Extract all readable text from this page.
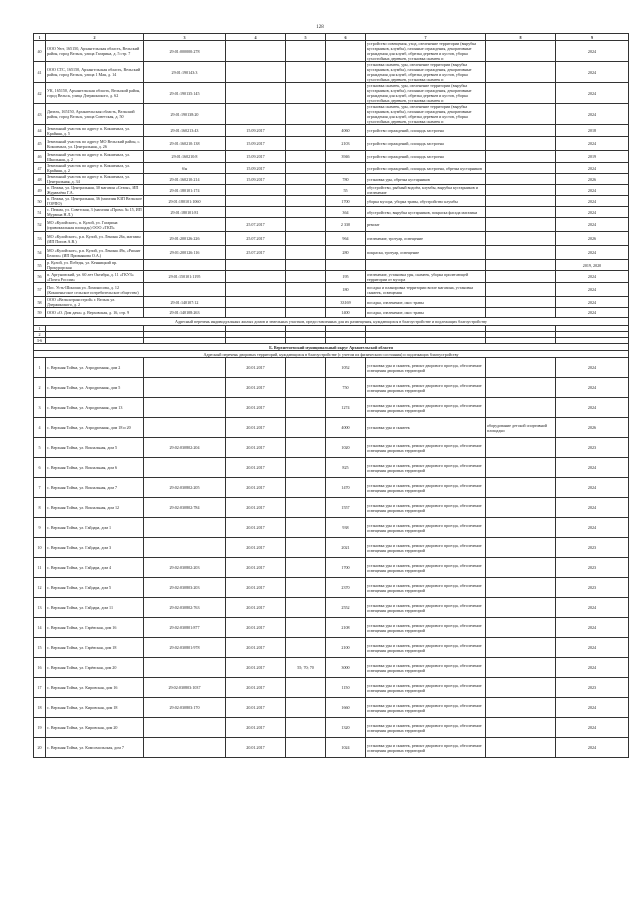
128
1	2	3	4	5	6	7	8	9
40	ООО Уют, 165150, Архангельская область, Вельский район, город Вельск, улица Гагарина, д. 5 стр. 7	29:01:000000:278				устройство освещения, уход, озеленение территории (вырубка кустарников, клумбы), газонные ограждения, декоративные ограждения для клумб, обрезка деревьев и кустов, уборка сухостойных деревьев, установка скамеек и		2024
41	ООО СТС, 165150, Архангельская область, Вельский район, город Вельск, улица 1 Мая, д. 14	29:01:190143:3				установка скамеек, урн, озеленение территории (вырубка кустарников, клумбы), газонные ограждения, декоративные ограждения для клумб, обрезка деревьев и кустов, уборка сухостойных деревьев, установка скамеек и		2024
42	УК, 165150, Архангельская область, Вельский район, город Вельск, улица Дзержинского, д. 62	29:01:190135:145				установка скамеек, урн, озеленение территории (вырубка кустарников, клумбы), газонные ограждения, декоративные ограждения для клумб, обрезка деревьев и кустов, уборка сухостойных деревьев, установка скамеек и		2024
43	Дизель, 165150, Архангельская область, Вельский район, город Вельск, улица Советская, д. 50	29:01:190138:20				установка скамеек, урн, озеленение территории (вырубка кустарников, клумбы), газонные ограждения, декоративные ограждения для клумб, обрезка деревьев и кустов, уборка сухостойных деревьев, установка скамеек и		2024
44	Земельный участок по адресу п. Кокшеньга, ул. Крайняя, д. 5	29:01:160213:43	15.09.2017		4060	устройство ограждений, площадь застроена		2018
45	Земельный участок по адресу МО Вельский район, с. Кокшеньга, ул. Центральная, д. 26	29:01:160210:138	15.09.2017		2103	устройство ограждений, площадь застроена		2024
46	Земельный участок по адресу п. Кокшеньга, ул. Школьная, д. 2	29:01:160210:8	15.09.2017		3946	устройство ограждений, площадь застроена		2019
47	Земельный участок по адресу п. Кокшеньга, ул. Крайняя, д. 2	б/н	15.09.2017			устройство ограждений, площадь застроена, обрезка кустарников		2024
48	Земельный участок по адресу п. Кокшеньга, ул. Центральная, д. 34	29:01:160210:214	15.09.2017		780	установка урн, обрезка кустарников		2026
49	п. Пежма, ул. Центральная, 30 магазин «Сезон», ИП Журавлёва Г.А.	29:01:180101:174			55	обустройство, рыбный водоём, клумбы, вырубка кустарников и озеленение		2024
50	п. Пежма, ул. Центральная, 36 (магазин КЗП Вельское ГОРПО)	29:01:180101:1060			1700	уборка мусора, уборка травы, обустройство клумбы		2024
51	с. Пежма, ул. Советская, 3 (магазин «Пром» № 15, ИП Мурзина Н.Л.)	29:01:180101:81			364	обустройство, вырубка кустарников, покраска фасада магазина		2024
52	МО «Кулойское», п. Кулой, ул. Гагарина (привокзальная площадь) ООО «ТКП»		25.07.2017		2 330	ремонт		2024
53	МО «Кулойское», р.п. Кулой, ул. Ленина 26а, магазин (ИП Попов А.В.)	29:01:200126:226	25.07.2017		964	озеленение, тротуар, освещение		2026
54	МО «Кулойское», р.п. Кулой, ул. Ленина 49а, «Ряснят Белизо» (ИП Признякова О.А.)	29:01:200126:116	25.07.2017		280	покраска, тротуар, освещение		2024
55	р. Кулой, ул. Победы, ул. Кенницкий пр. Прокурорская							2019, 2020
56	п. Аргуновский, ул. 60 лет Октября, д. 11 «ГКУЗ» «Почта России»	29:01:150101:1195			195	озеленение, установка урн, скамеек, уборка прилегающей территории от мусора		2024
57	Пос. Усть-Шоноша ул. Ломоносова, д. 12 (Кокшеньгское сельское потребительское общество)				180	посадка и планировка территории возле магазина, установка скамеек, освещения		2024
58	ООО «Вельсктранс​строй» г. Вельск ул. Дзержинского, д. 2	29:01:140107:12			33169	посадка, озеленение, окос травы		2024
59	ООО «О. Дом дача» д. Верховская, д. 16, стр. 9	29:01:140108:263			1400	посадка, озеленение, окос травы		2024
Адресный перечень индивидуальных жилых домов и земельных участков, предоставленных для их размещения, нуждающихся в благоустройстве и подлежащих благоустройству								
1								
2								
3-6								
Б. Верхнетоемский муниципальный округ Архангельской области								
Адресный перечень дворовых территорий, нуждающихся в благоустройстве (с учетом их физического состояния) и подлежащих благоустройству								
1	с. Верхняя Тойма, ул. Аэродромная, дом 2		20.01.2017		1052	установка урн и скамеек, ремонт дворового проезда, обеспечение освещения дворовых территорий		2024
2	с. Верхняя Тойма, ул. Аэродромная, дом 5		20.01.2017		750	установка урн и скамеек, ремонт дворового проезда, обеспечение освещения дворовых территорий		2024
3	с. Верхняя Тойма, ул. Аэродромная, дом 13		20.01.2017		1274	установка урн и скамеек, ремонт дворового проезда, обеспечение освещения дворовых территорий		2024
4	с. Верхняя Тойма, ул. Аэродромная, дом 18 и 20		20.01.2017		4000	установка урн и скамеек	оборудование детской спортивной площадки	2026
5	с. Верхняя Тойма, ул. Вокзальная, дом 5	29:02:030802:204	20.01.2017		1020	установка урн и скамеек, ремонт дворового проезда, обеспечение освещения дворовых территорий		2023
6	с. Верхняя Тойма, ул. Вокзальная, дом 6		20.01.2017		825	установка урн и скамеек, ремонт дворового проезда, обеспечение освещения дворовых территорий		2024
7	с. Верхняя Тойма, ул. Вокзальная, дом 7	29:02:030802:205	20.01.2017		1470	установка урн и скамеек, ремонт дворового проезда, обеспечение освещения дворовых территорий		2024
8	с. Верхняя Тойма, ул. Вокзальная, дом 12	29:02:030802:784	20.01.2017		1557	установка урн и скамеек, ремонт дворового проезда, обеспечение освещения дворовых территорий		2024
9	с. Верхняя Тойма, ул. Гайдара, дом 1		20.01.2017		938	установка урн и скамеек, ремонт дворового проезда, обеспечение освещения дворовых территорий		2024
10	с. Верхняя Тойма, ул. Гайдара, дом 3		20.01.2017		2021	установка урн и скамеек, ремонт дворового проезда, обеспечение освещения дворовых территорий		2023
11	с. Верхняя Тойма, ул. Гайдара, дом 4	29:02:030802:203	20.01.2017		1700	установка урн и скамеек, ремонт дворового проезда, обеспечение освещения дворовых территорий		2023
12	с. Верхняя Тойма, ул. Гайдара, дом 5	29:02:030803:203	20.01.2017		2370	установка урн и скамеек, ремонт дворового проезда, обеспечение освещения дворовых территорий		2023
13	с. Верхняя Тойма, ул. Гайдара, дом 11	29:02:030802:763	20.01.2017		2552	установка урн и скамеек, ремонт дворового проезда, обеспечение освещения дворовых территорий		2024
14	с. Верхняя Тойма, ул. Гарёвская, дом 16	29:02:030801:877	20.01.2017		2108	установка урн и скамеек, ремонт дворового проезда, обеспечение освещения дворовых территорий		2024
15	с. Верхняя Тойма, ул. Гарёвская, дом 18	29:02:030801:978	20.01.2017		2100	установка урн и скамеек, ремонт дворового проезда, обеспечение освещения дворовых территорий		2024
16	с. Верхняя Тойма, ул. Гарёвская, дом 20		20.01.2017	55; 70; 70	3000	установка урн и скамеек, ремонт дворового проезда, обеспечение освещения дворовых территорий		2024
17	с. Верхняя Тойма, ул. Кировская, дом 16	29:02:030803:1037	20.01.2017		1150	установка урн и скамеек, ремонт дворового проезда, обеспечение освещения дворовых территорий		2023
18	с. Верхняя Тойма, ул. Кировская, дом 18	29:02:030803:170	20.01.2017		1660	установка урн и скамеек, ремонт дворового проезда, обеспечение освещения дворовых территорий		2024
19	с. Верхняя Тойма, ул. Кировская, дом 20		20.01.2017		1320	установка урн и скамеек, ремонт дворового проезда, обеспечение освещения дворовых территорий		2024
20	с. Верхняя Тойма, ул. Комсомольская, дом 7		20.01.2017		1024	установка урн и скамеек, ремонт дворового проезда, обеспечение освещения дворовых территорий		2024
